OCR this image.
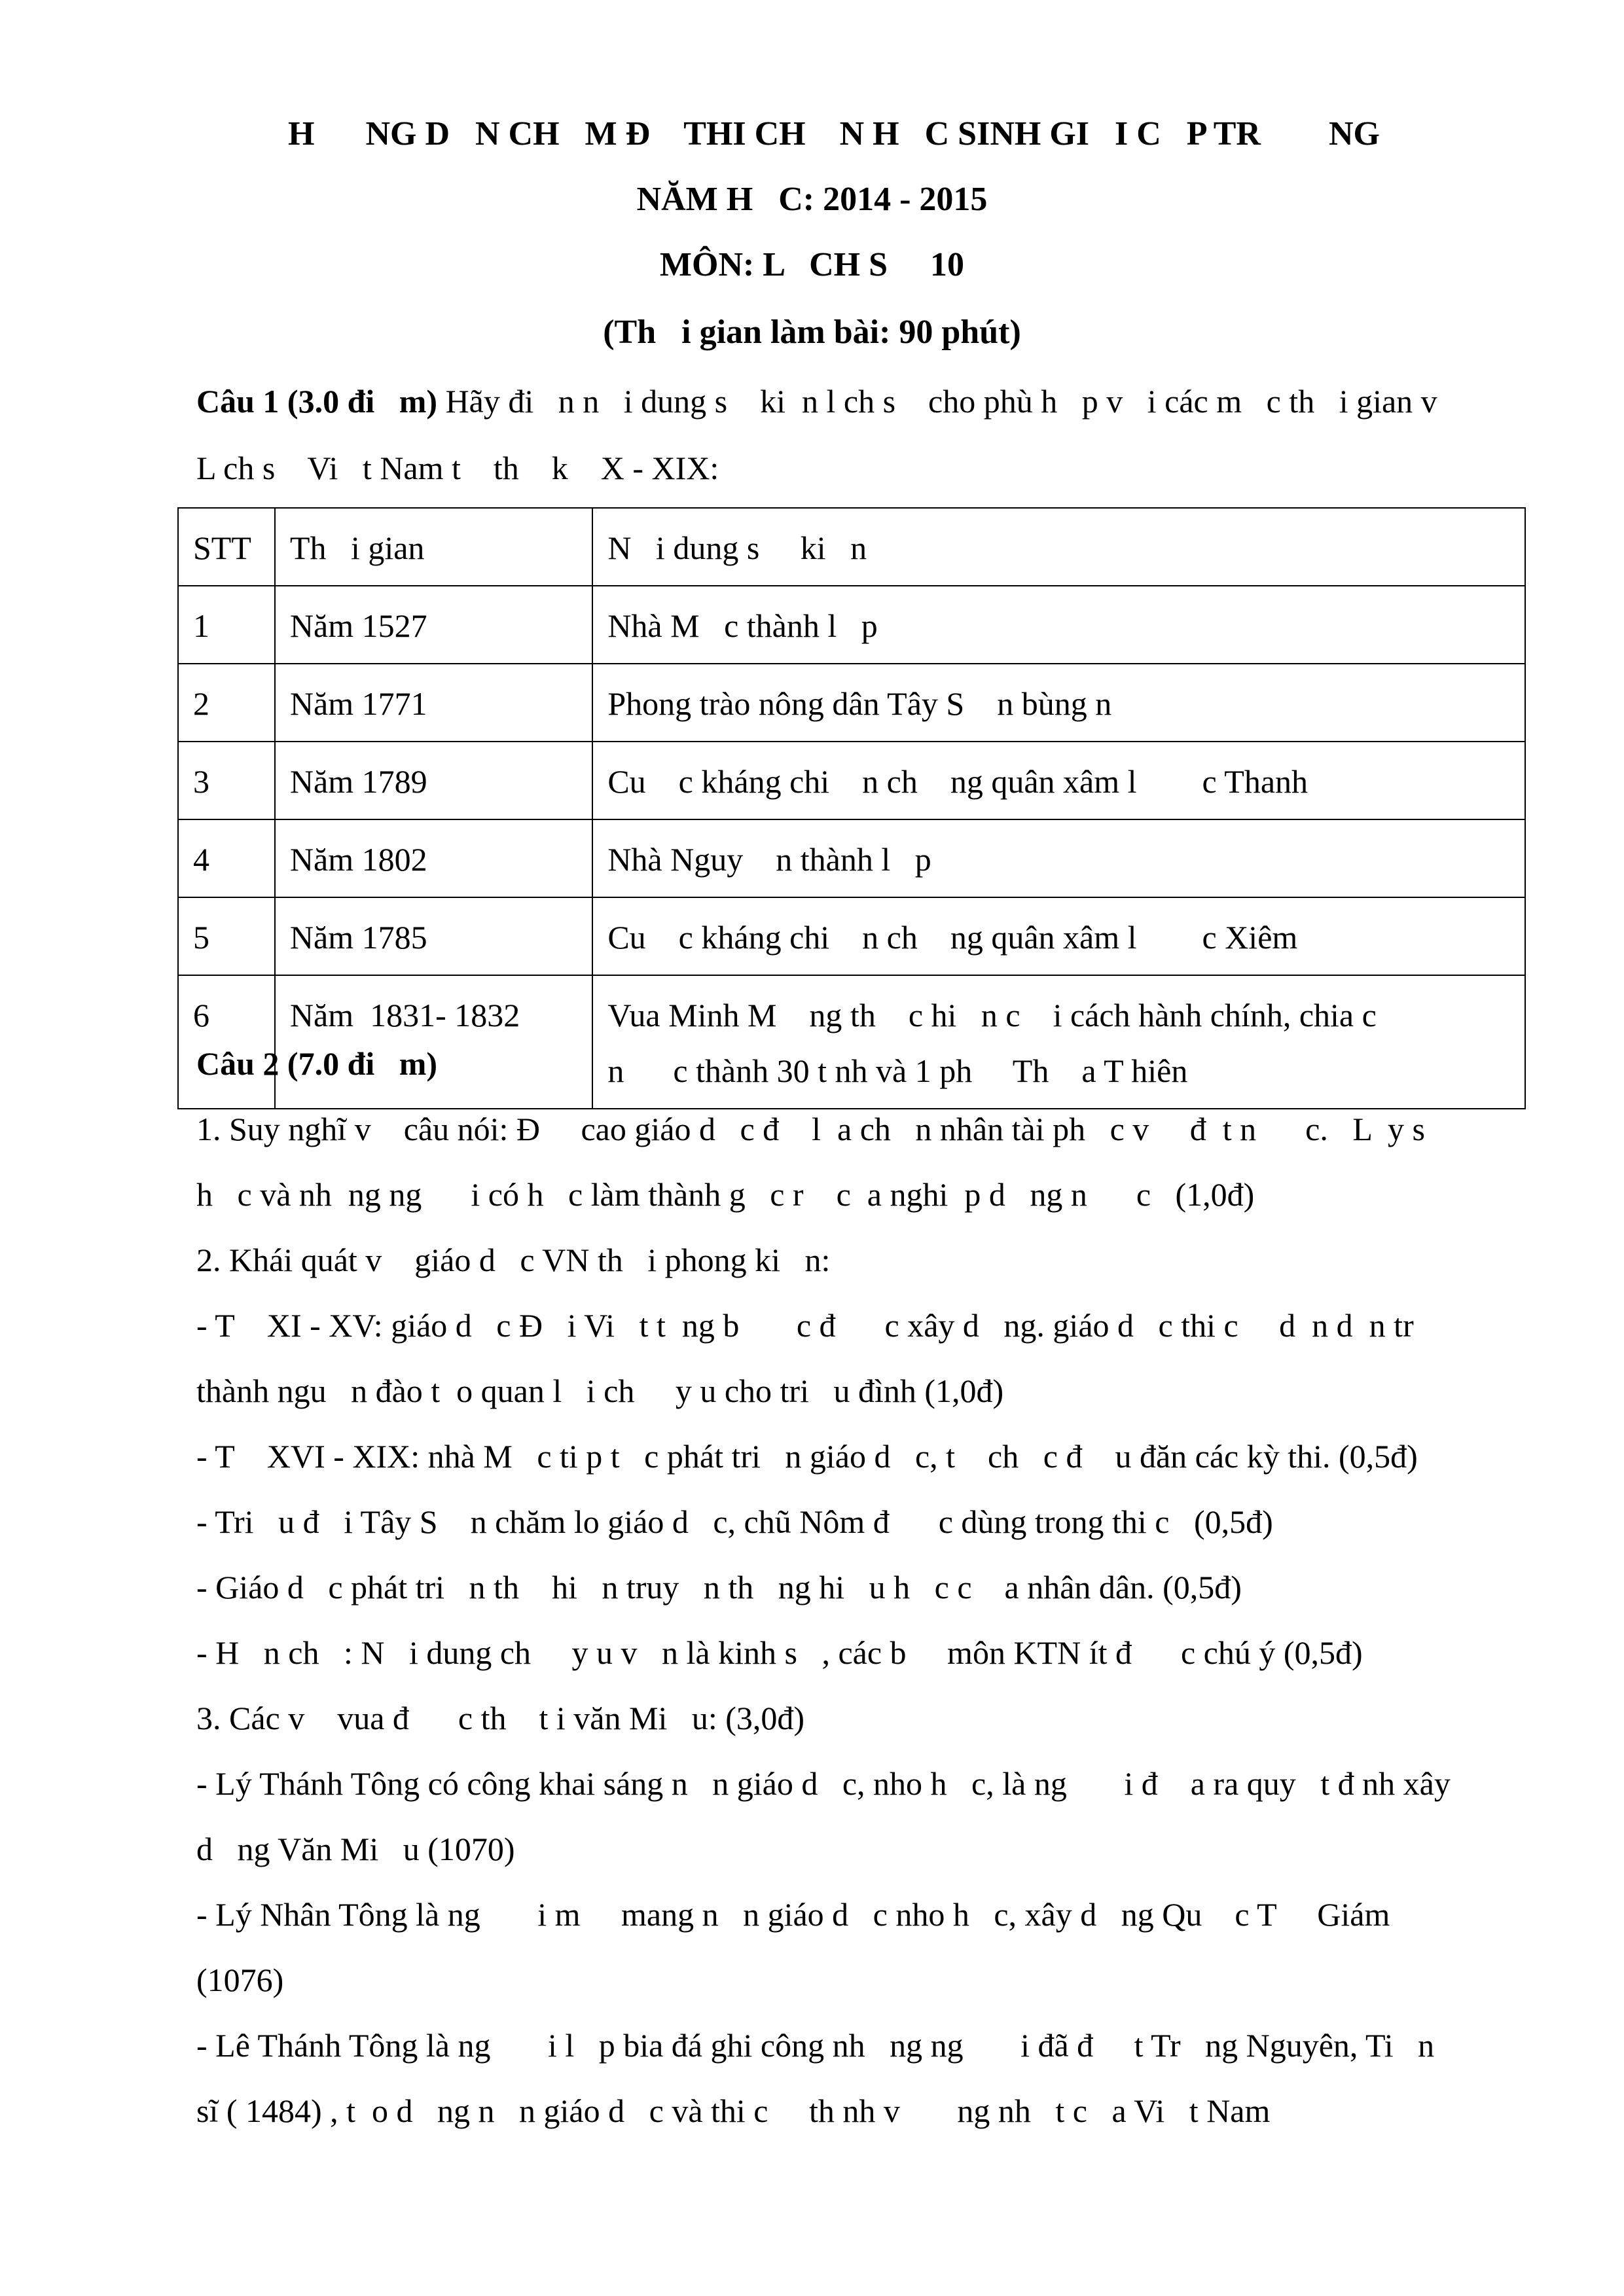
H      NG D   N CH   M Đ    THI CH    N H   C SINH GI   I C   P TR        NG
NĂM H   C: 2014 - 2015
MÔN: L   CH S     10
(Th   i gian làm bài: 90 phút)
Câu 1 (3.0 đi   m) Hãy đi   n n   i dung s    ki  n l ch s    cho phù h   p v   i các m   c th   i gian v
L ch s    Vi   t Nam t    th    k    X - XIX:
STT	Th   i gian	N   i dung s     ki   n
1	Năm 1527	Nhà M   c thành l   p
2	Năm 1771	Phong trào nông dân Tây S    n bùng n
3	Năm 1789	Cu    c kháng chi    n ch    ng quân xâm l        c Thanh
4	Năm 1802	Nhà Nguy    n thành l   p
5	Năm 1785	Cu    c kháng chi    n ch    ng quân xâm l        c Xiêm
6	Năm  1831- 1832	Vua Minh M    ng th    c hi   n c    i cách hành chính, chia c
n      c thành 30 t nh và 1 ph     Th    a T hiên
Câu 2 (7.0 đi   m)
1. Suy nghĩ v    câu nói: Đ     cao giáo d   c đ    l  a ch   n nhân tài ph   c v     đ  t n      c.   L  y s
h   c và nh  ng ng      i có h   c làm thành g   c r    c  a nghi  p d   ng n      c   (1,0đ)
2. Khái quát v    giáo d   c VN th   i phong ki   n:
- T    XI - XV: giáo d   c Đ   i Vi   t t  ng b       c đ      c xây d   ng. giáo d   c thi c     d  n d  n tr
thành ngu   n đào t  o quan l   i ch     y u cho tri   u đình (1,0đ)
- T    XVI - XIX: nhà M   c ti p t   c phát tri   n giáo d   c, t    ch   c đ    u đăn các kỳ thi. (0,5đ)
- Tri   u đ   i Tây S    n chăm lo giáo d   c, chũ Nôm đ      c dùng trong thi c   (0,5đ)
- Giáo d   c phát tri   n th    hi   n truy   n th   ng hi   u h   c c    a nhân dân. (0,5đ)
- H   n ch   : N   i dung ch     y u v   n là kinh s   , các b     môn KTN ít đ      c chú ý (0,5đ)
3. Các v    vua đ      c th    t i văn Mi   u: (3,0đ)
- Lý Thánh Tông có công khai sáng n   n giáo d   c, nho h   c, là ng       i đ    a ra quy   t đ nh xây
d   ng Văn Mi   u (1070)
- Lý Nhân Tông là ng       i m     mang n   n giáo d   c nho h   c, xây d   ng Qu    c T     Giám
(1076)
- Lê Thánh Tông là ng       i l   p bia đá ghi công nh   ng ng       i đã đ     t Tr   ng Nguyên, Ti   n
sĩ ( 1484) , t  o d   ng n   n giáo d   c và thi c     th nh v       ng nh   t c   a Vi   t Nam
